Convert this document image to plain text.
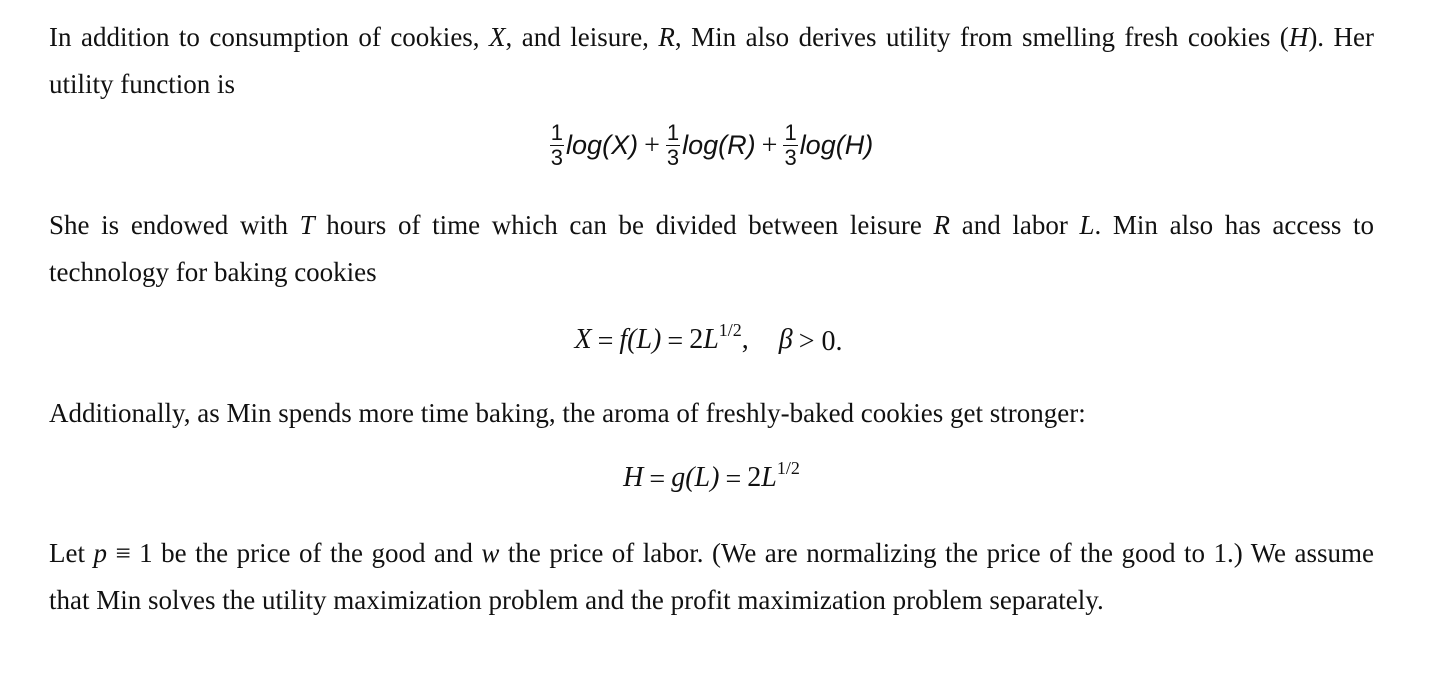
In addition to consumption of cookies, X, and leisure, R, Min also derives utility from smelling fresh cookies (H). Her utility function is

$\frac{1}{3} \log(X) + \frac{1}{3} \log(R) + \frac{1}{3} \log(H)$

She is endowed with T hours of time which can be divided between leisure R and labor L. Min also has access to technology for baking cookies

$X = f(L) = 2L^{1/2}$, β > 0.

Additionally, as Min spends more time baking, the aroma of freshly-baked cookies get stronger:

$H = g(L) = 2L^{1/2}$

Let p ≡ 1 be the price of the good and w the price of labor. (We are normalizing the price of the good to 1.) We assume that Min solves the utility maximization problem and the profit maximization problem separately.
